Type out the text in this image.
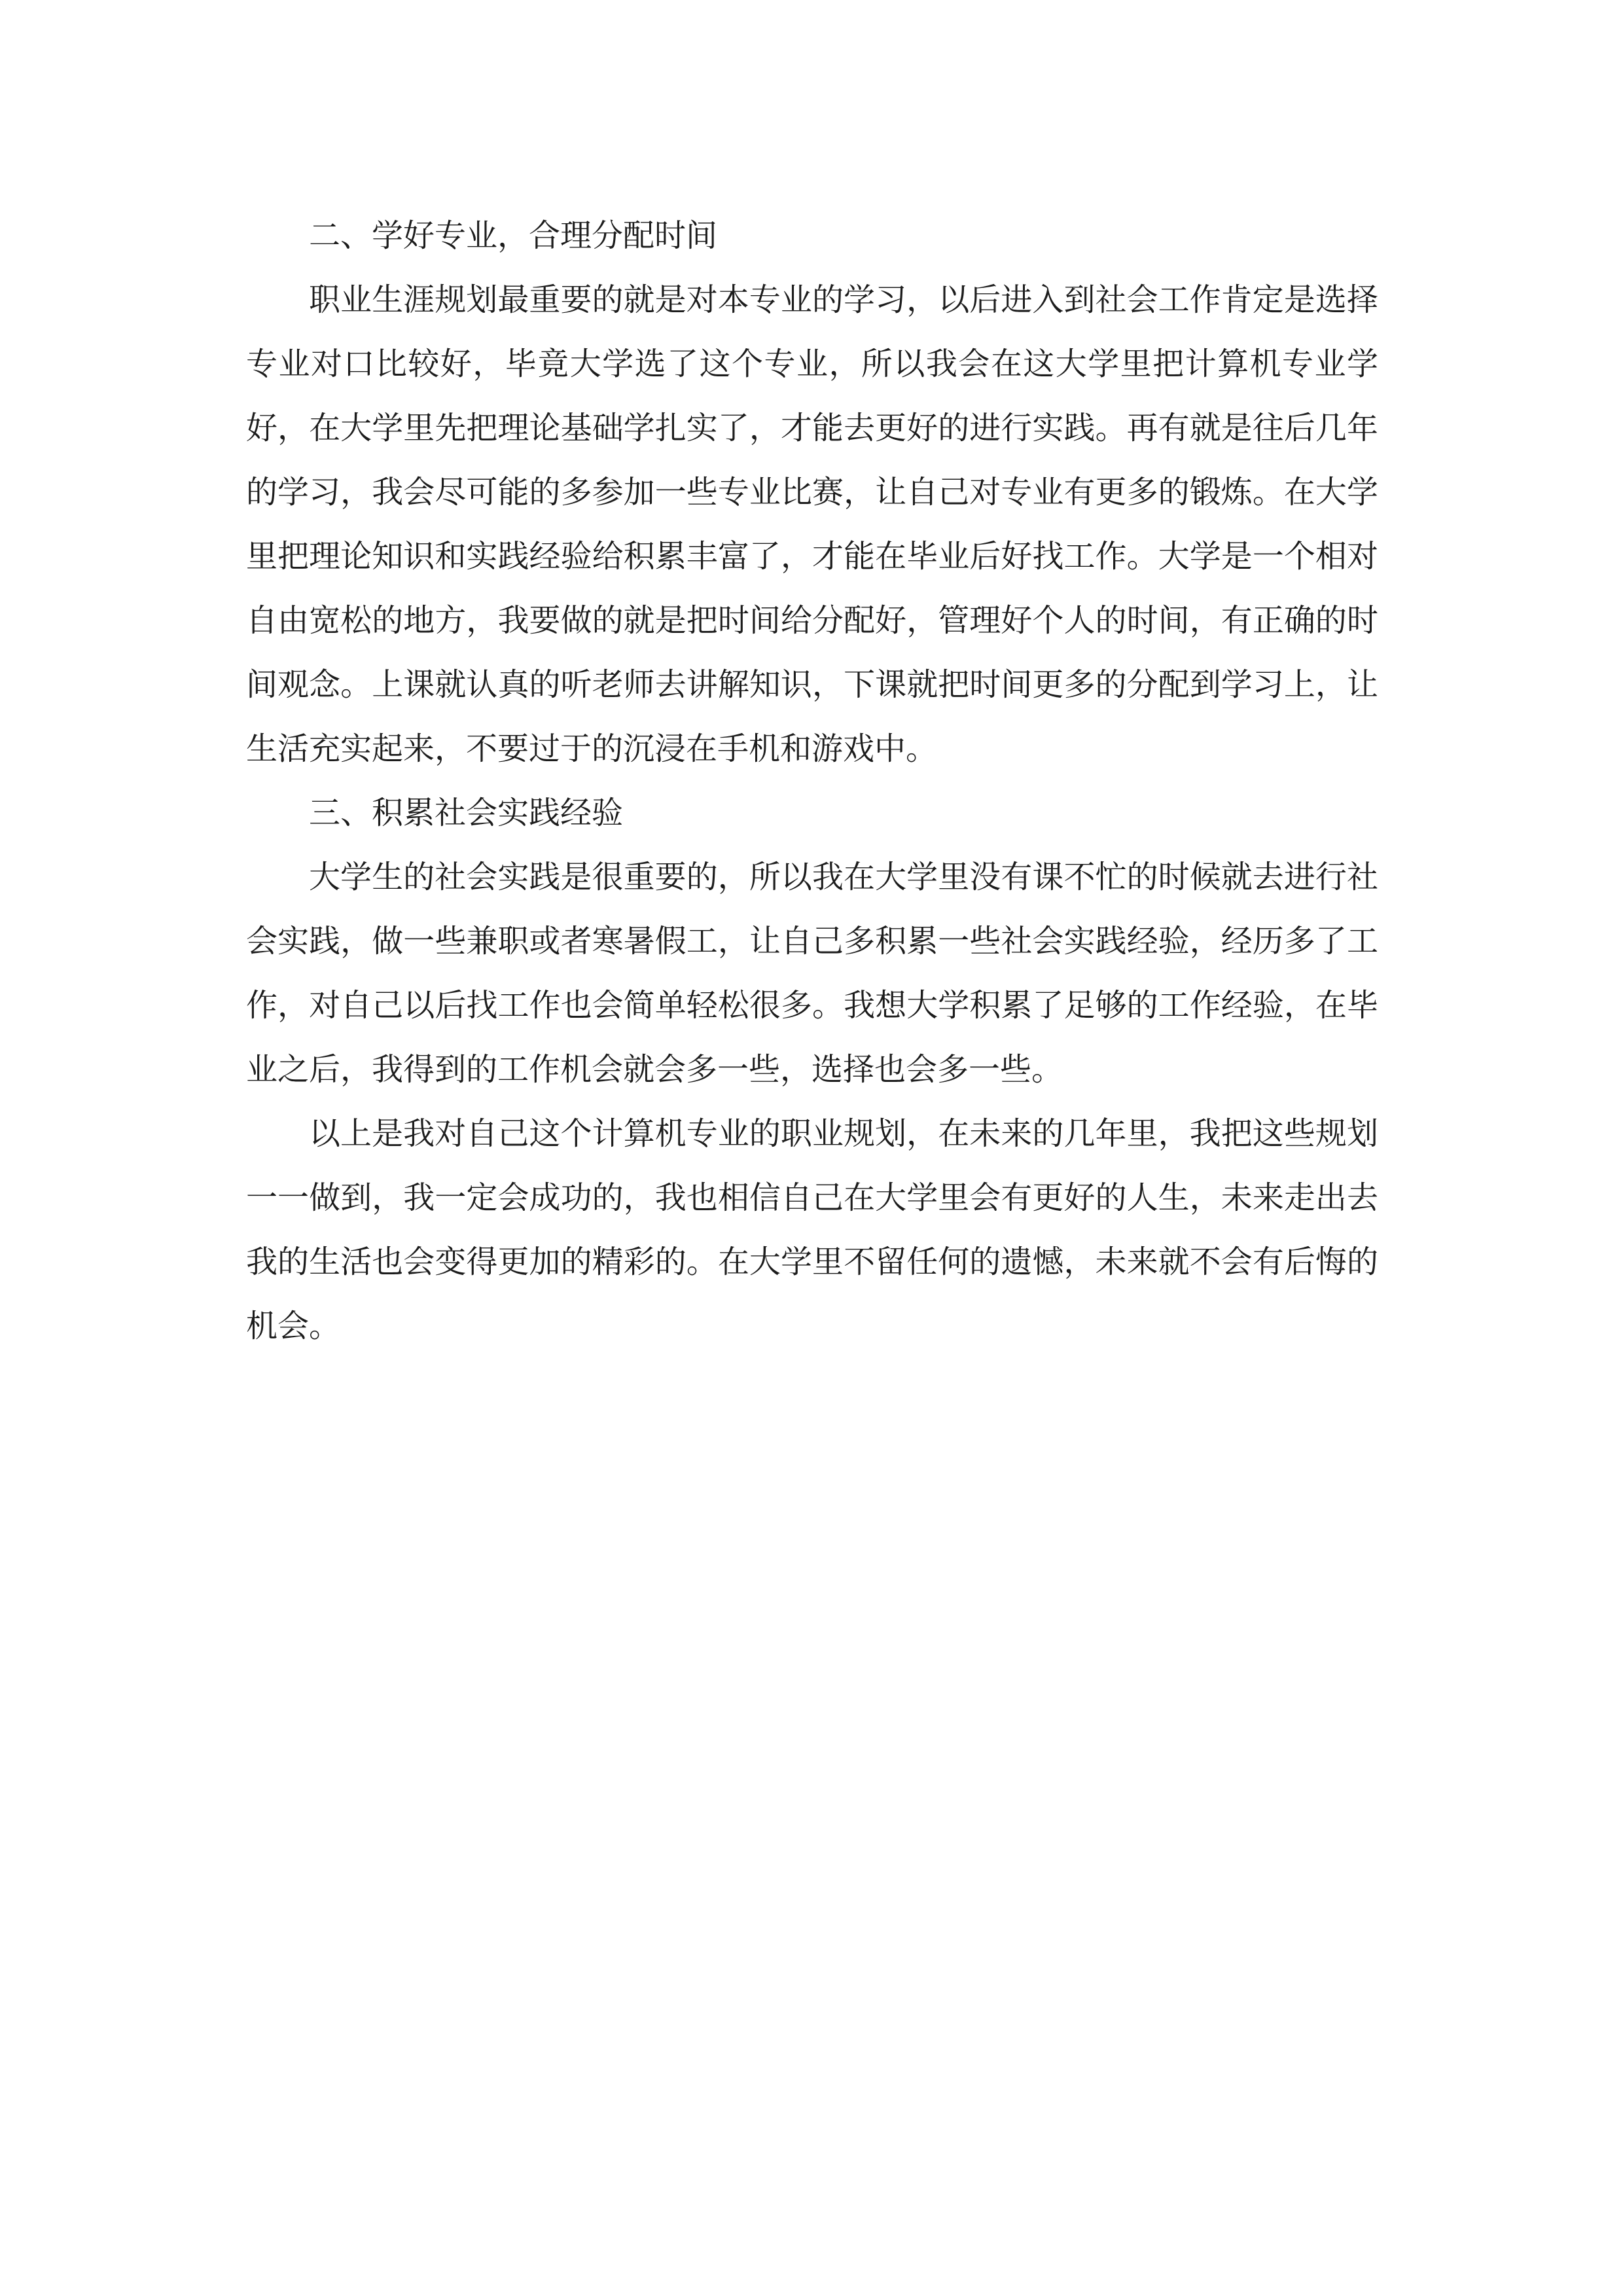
二、学好专业，合理分配时间

职业生涯规划最重要的就是对本专业的学习，以后进入到社会工作肯定是选择专业对口比较好，毕竟大学选了这个专业，所以我会在这大学里把计算机专业学好，在大学里先把理论基础学扎实了，才能去更好的进行实践。再有就是往后几年的学习，我会尽可能的多参加一些专业比赛，让自己对专业有更多的锻炼。在大学里把理论知识和实践经验给积累丰富了，才能在毕业后好找工作。大学是一个相对自由宽松的地方，我要做的就是把时间给分配好，管理好个人的时间，有正确的时间观念。上课就认真的听老师去讲解知识，下课就把时间更多的分配到学习上，让生活充实起来，不要过于的沉浸在手机和游戏中。

三、积累社会实践经验

大学生的社会实践是很重要的，所以我在大学里没有课不忙的时候就去进行社会实践，做一些兼职或者寒暑假工，让自己多积累一些社会实践经验，经历多了工作，对自己以后找工作也会简单轻松很多。我想大学积累了足够的工作经验，在毕业之后，我得到的工作机会就会多一些，选择也会多一些。

以上是我对自己这个计算机专业的职业规划，在未来的几年里，我把这些规划一一做到，我一定会成功的，我也相信自己在大学里会有更好的人生，未来走出去我的生活也会变得更加的精彩的。在大学里不留任何的遗憾，未来就不会有后悔的机会。
